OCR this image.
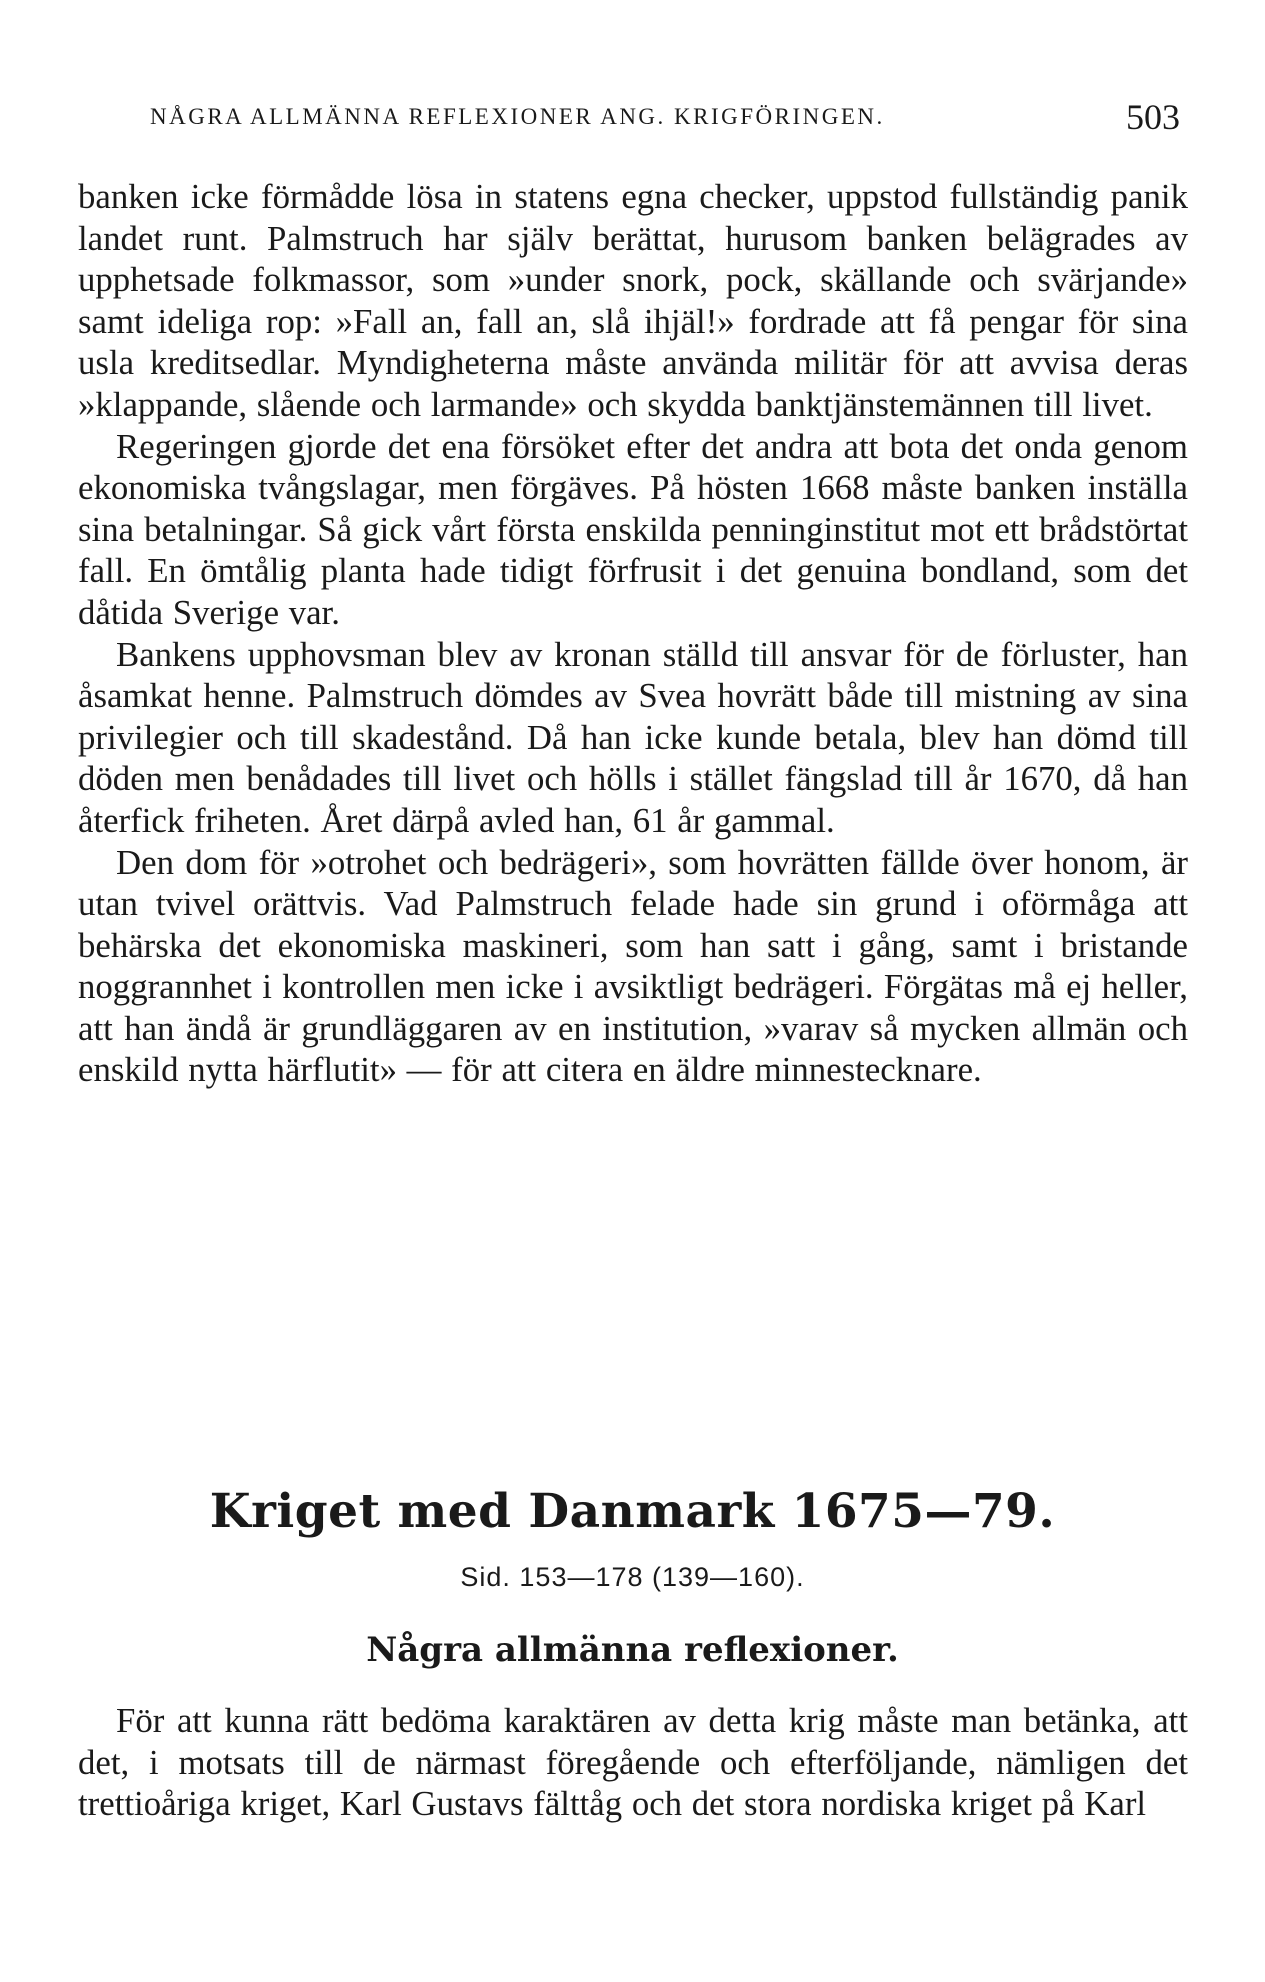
NÅGRA ALLMÄNNA REFLEXIONER ANG. KRIGFÖRINGEN.	503

banken icke förmådde lösa in statens egna checker, uppstod fullständig panik landet runt. Palmstruch har själv berättat, hurusom banken belägrades av upphetsade folkmassor, som »under snork, pock, skällande och svärjande» samt ideliga rop: »Fall an, fall an, slå ihjäl!» fordrade att få pengar för sina usla kreditsedlar. Myndigheterna måste använda militär för att avvisa deras »klappande, slående och larmande» och skydda banktjänstemännen till livet.

Regeringen gjorde det ena försöket efter det andra att bota det onda genom ekonomiska tvångslagar, men förgäves. På hösten 1668 måste banken inställa sina betalningar. Så gick vårt första enskilda penninginstitut mot ett brådstörtat fall. En ömtålig planta hade tidigt förfrusit i det genuina bondland, som det dåtida Sverige var.

Bankens upphovsman blev av kronan ställd till ansvar för de förluster, han åsamkat henne. Palmstruch dömdes av Svea hovrätt både till mistning av sina privilegier och till skadestånd. Då han icke kunde betala, blev han dömd till döden men benådades till livet och hölls i stället fängslad till år 1670, då han återfick friheten. Året därpå avled han, 61 år gammal.

Den dom för »otrohet och bedrägeri», som hovrätten fällde över honom, är utan tvivel orättvis. Vad Palmstruch felade hade sin grund i oförmåga att behärska det ekonomiska maskineri, som han satt i gång, samt i bristande noggrannhet i kontrollen men icke i avsiktligt bedrägeri. Förgätas må ej heller, att han ändå är grundläggaren av en institution, »varav så mycken allmän och enskild nytta härflutit» — för att citera en äldre minnestecknare.

Kriget med Danmark 1675—79.
Sid. 153—178 (139—160).
Några allmänna reflexioner.

För att kunna rätt bedöma karaktären av detta krig måste man betänka, att det, i motsats till de närmast föregående och efterföljande, nämligen det trettioåriga kriget, Karl Gustavs fälttåg och det stora nordiska kriget på Karl
